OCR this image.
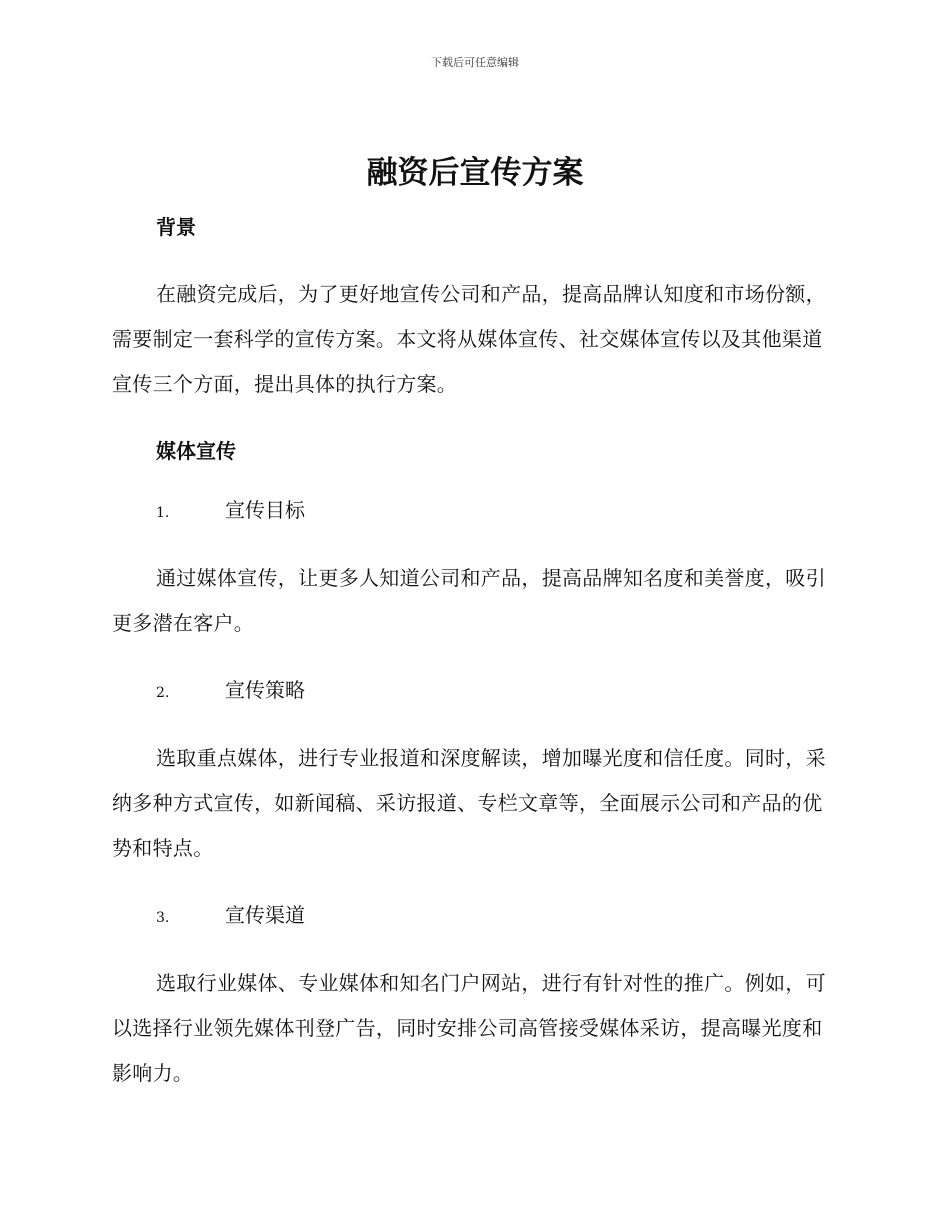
下载后可任意编辑
融资后宣传方案
背景

在融资完成后，为了更好地宣传公司和产品，提高品牌认知度和市场份额，需要制定一套科学的宣传方案。本文将从媒体宣传、社交媒体宣传以及其他渠道宣传三个方面，提出具体的执行方案。

媒体宣传
1.	宣传目标

通过媒体宣传，让更多人知道公司和产品，提高品牌知名度和美誉度，吸引更多潜在客户。

2.	宣传策略

选取重点媒体，进行专业报道和深度解读，增加曝光度和信任度。同时，采纳多种方式宣传，如新闻稿、采访报道、专栏文章等，全面展示公司和产品的优势和特点。

3.	宣传渠道

选取行业媒体、专业媒体和知名门户网站，进行有针对性的推广。例如，可以选择行业领先媒体刊登广告，同时安排公司高管接受媒体采访，提高曝光度和影响力。
